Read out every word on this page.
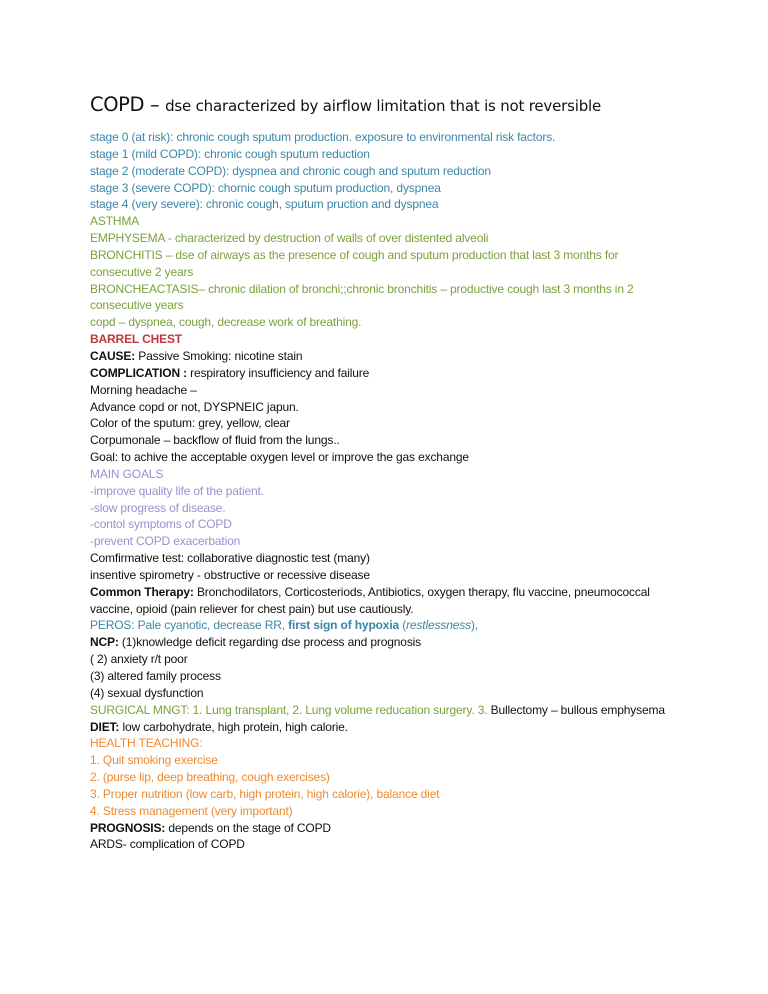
COPD – dse characterized by airflow limitation that is not reversible
stage 0 (at risk): chronic cough sputum production. exposure to environmental risk factors.
stage 1 (mild COPD): chronic cough sputum reduction
stage 2 (moderate COPD): dyspnea and chronic cough and sputum reduction
stage 3 (severe COPD): chornic cough sputum production, dyspnea
stage 4 (very severe): chronic cough, sputum pruction and dyspnea
ASTHMA
EMPHYSEMA - characterized by destruction of walls of over distented alveoli
BRONCHITIS – dse of airways as the presence of cough and sputum production that last 3 months for consecutive 2 years
BRONCHEACTASIS– chronic dilation of bronchi;;chronic bronchitis – productive cough last 3 months in 2 consecutive years
copd – dyspnea, cough, decrease work of breathing.
BARREL CHEST
CAUSE: Passive Smoking: nicotine stain
COMPLICATION : respiratory insufficiency and failure
Morning headache –
Advance copd or not, DYSPNEIC japun.
Color of the sputum: grey, yellow, clear
Corpumonale – backflow of fluid from the lungs..
Goal: to achive the acceptable oxygen level or improve the gas exchange
MAIN GOALS
-improve quality life of the patient.
-slow progress of disease.
-contol symptoms of COPD
-prevent COPD exacerbation
Comfirmative test: collaborative diagnostic test (many)
insentive spirometry - obstructive or recessive disease
Common Therapy: Bronchodilators, Corticosteriods, Antibiotics, oxygen therapy, flu vaccine, pneumococcal vaccine, opioid (pain reliever for chest pain) but use cautiously.
PEROS: Pale cyanotic, decrease RR, first sign of hypoxia (restlessness),
NCP: (1)knowledge deficit regarding dse process and prognosis
( 2) anxiety r/t poor
(3) altered family process
(4) sexual dysfunction
SURGICAL MNGT: 1. Lung transplant, 2. Lung volume reducation surgery. 3. Bullectomy – bullous emphysema
DIET: low carbohydrate, high protein, high calorie.
HEALTH TEACHING:
1. Quit smoking exercise
2. (purse lip, deep breathing, cough exercises)
3. Proper nutrition (low carb, high protein, high calorie), balance diet
4. Stress management (very important)
PROGNOSIS: depends on the stage of COPD
ARDS- complication of COPD
